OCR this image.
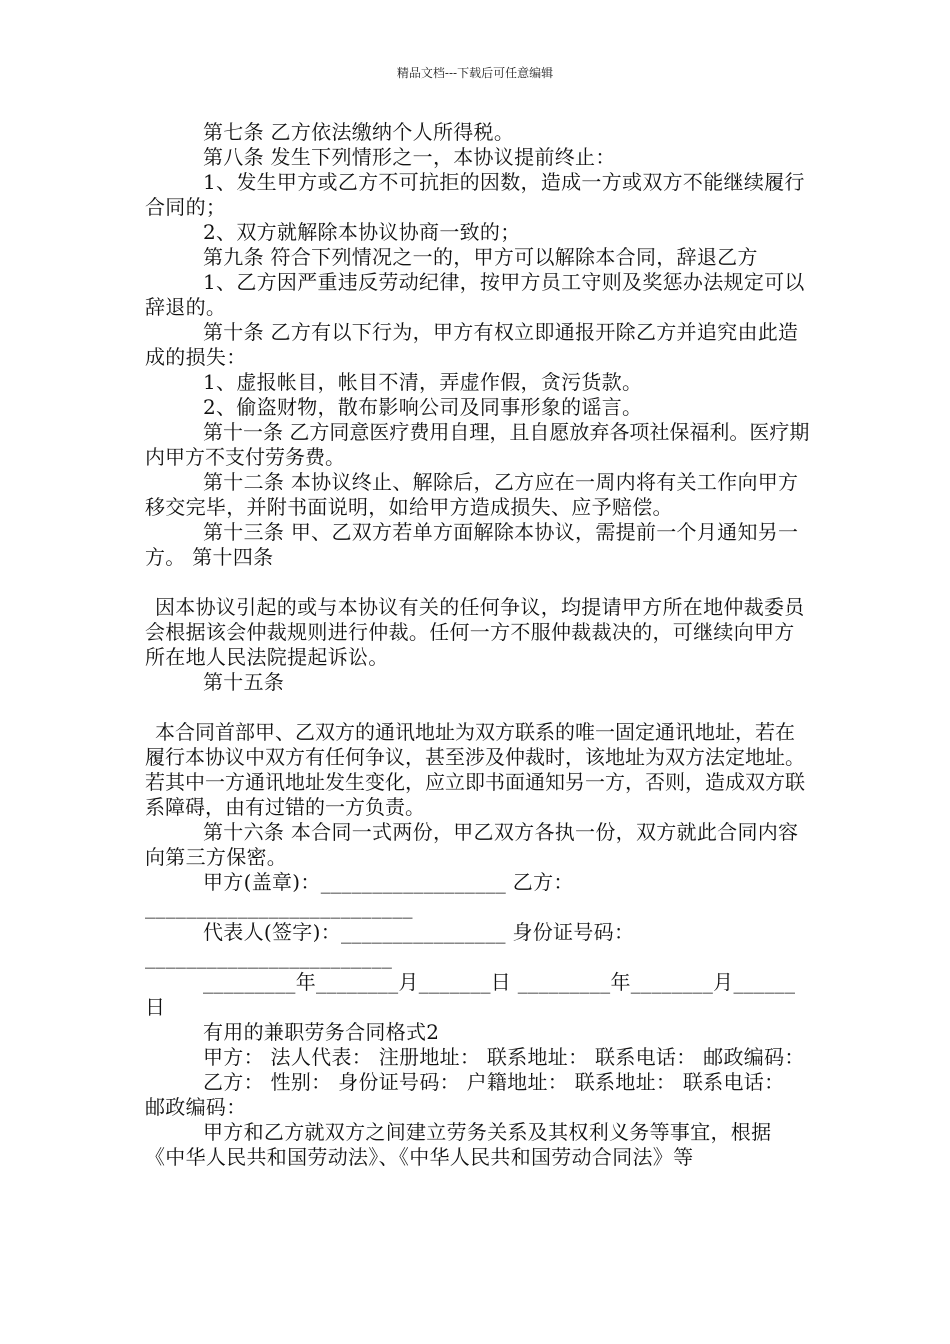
精品文档---下载后可任意编辑

第七条 乙方依法缴纳个人所得税。

第八条 发生下列情形之一，本协议提前终止：

1、发生甲方或乙方不可抗拒的因数，造成一方或双方不能继续履行合同的；

2、双方就解除本协议协商一致的；

第九条 符合下列情况之一的，甲方可以解除本合同，辞退乙方

1、乙方因严重违反劳动纪律，按甲方员工守则及奖惩办法规定可以辞退的。

第十条 乙方有以下行为，甲方有权立即通报开除乙方并追究由此造成的损失：

1、虚报帐目，帐目不清，弄虚作假，贪污货款。

2、偷盗财物，散布影响公司及同事形象的谣言。

第十一条 乙方同意医疗费用自理，且自愿放弃各项社保福利。医疗期内甲方不支付劳务费。

第十二条 本协议终止、解除后，乙方应在一周内将有关工作向甲方移交完毕，并附书面说明，如给甲方造成损失、应予赔偿。

第十三条 甲、乙双方若单方面解除本协议，需提前一个月通知另一方。 第十四条

因本协议引起的或与本协议有关的任何争议，均提请甲方所在地仲裁委员会根据该会仲裁规则进行仲裁。任何一方不服仲裁裁决的，可继续向甲方所在地人民法院提起诉讼。

第十五条

本合同首部甲、乙双方的通讯地址为双方联系的唯一固定通讯地址，若在履行本协议中双方有任何争议，甚至涉及仲裁时，该地址为双方法定地址。若其中一方通讯地址发生变化，应立即书面通知另一方，否则，造成双方联系障碍，由有过错的一方负责。

第十六条 本合同一式两份，甲乙双方各执一份，双方就此合同内容向第三方保密。

甲方(盖章)：__________________ 乙方：__________________________

代表人(签字)：________________ 身份证号码：________________________

_________年________月_______日 _________年________月______日

有用的兼职劳务合同格式2

甲方： 法人代表： 注册地址： 联系地址： 联系电话： 邮政编码：

乙方： 性别： 身份证号码： 户籍地址： 联系地址： 联系电话： 邮政编码：

甲方和乙方就双方之间建立劳务关系及其权利义务等事宜，根据《中华人民共和国劳动法》、《中华人民共和国劳动合同法》等
